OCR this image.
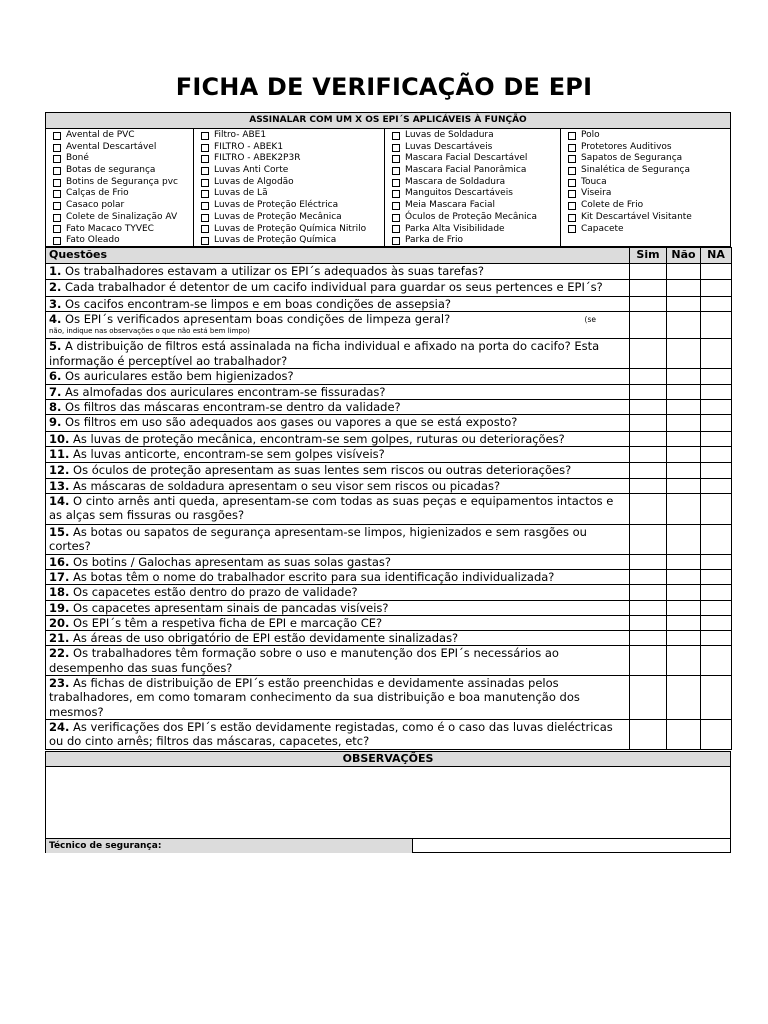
FICHA DE VERIFICAÇÃO DE EPI
ASSINALAR COM UM X OS EPI´S APLICÁVEIS À FUNÇÃO
Avental de PVC
Avental Descartável
Boné
Botas de segurança
Botins de Segurança pvc
Calças de Frio
Casaco polar
Colete de Sinalização AV
Fato Macaco TYVEC
Fato Oleado
Filtro- ABE1
FILTRO - ABEK1
FILTRO - ABEK2P3R
Luvas Anti Corte
Luvas de Algodão
Luvas de Lã
Luvas de Proteção Eléctrica
Luvas de Proteção Mecânica
Luvas de Proteção Química Nitrilo
Luvas de Proteção Química
Luvas de Soldadura
Luvas Descartáveis
Mascara Facial Descartável
Mascara Facial Panorâmica
Mascara de Soldadura
Manguitos Descartáveis
Meia Mascara Facial
Óculos de Proteção Mecânica
Parka Alta Visibilidade
Parka de Frio
Polo
Protetores Auditivos
Sapatos de Segurança
Sinalética de Segurança
Touca
Viseira
Colete de Frio
Kit Descartável Visitante
Capacete
Questões	Sim	Não	NA
1. Os trabalhadores estavam a utilizar os EPI´s adequados às suas tarefas?			
2. Cada trabalhador é detentor de um cacifo individual para guardar os seus pertences e EPI´s?			
3. Os cacifos encontram-se limpos e em boas condições de assepsia?			

(se
4. Os EPI´s verificados apresentam boas condições de limpeza geral?
não, indique nas observações o que não está bem limpo)			

5. A distribuição de filtros está assinalada na ficha individual e afixado na porta do cacifo? Esta informação é perceptível ao trabalhador?			
6. Os auriculares estão bem higienizados?			
7. As almofadas dos auriculares encontram-se fissuradas?			
8. Os filtros das máscaras encontram-se dentro da validade?			
9. Os filtros em uso são adequados aos gases ou vapores a que se está exposto?			
10. As luvas de proteção mecânica, encontram-se sem golpes, ruturas ou deteriorações?			
11. As luvas anticorte, encontram-se sem golpes visíveis?			
12. Os óculos de proteção apresentam as suas lentes sem riscos ou outras deteriorações?			
13. As máscaras de soldadura apresentam o seu visor sem riscos ou picadas?			
14. O cinto arnês anti queda, apresentam-se com todas as suas peças e equipamentos intactos e as alças sem fissuras ou rasgões?			
15. As botas ou sapatos de segurança apresentam-se limpos, higienizados e sem rasgões ou cortes?			
16. Os botins / Galochas apresentam as suas solas gastas?			
17. As botas têm o nome do trabalhador escrito para sua identificação individualizada?			
18. Os capacetes estão dentro do prazo de validade?			
19. Os capacetes apresentam sinais de pancadas visíveis?			
20. Os EPI´s têm a respetiva ficha de EPI e marcação CE?			
21. As áreas de uso obrigatório de EPI estão devidamente sinalizadas?			
22. Os trabalhadores têm formação sobre o uso e manutenção dos EPI´s necessários ao desempenho das suas funções?			
23. As fichas de distribuição de EPI´s estão preenchidas e devidamente assinadas pelos trabalhadores, em como tomaram conhecimento da sua distribuição e boa manutenção dos mesmos?			
24. As verificações dos EPI´s estão devidamente registadas, como é o caso das luvas dieléctricas ou do cinto arnês; filtros das máscaras, capacetes, etc?			
OBSERVAÇÕES
Técnico de segurança:
